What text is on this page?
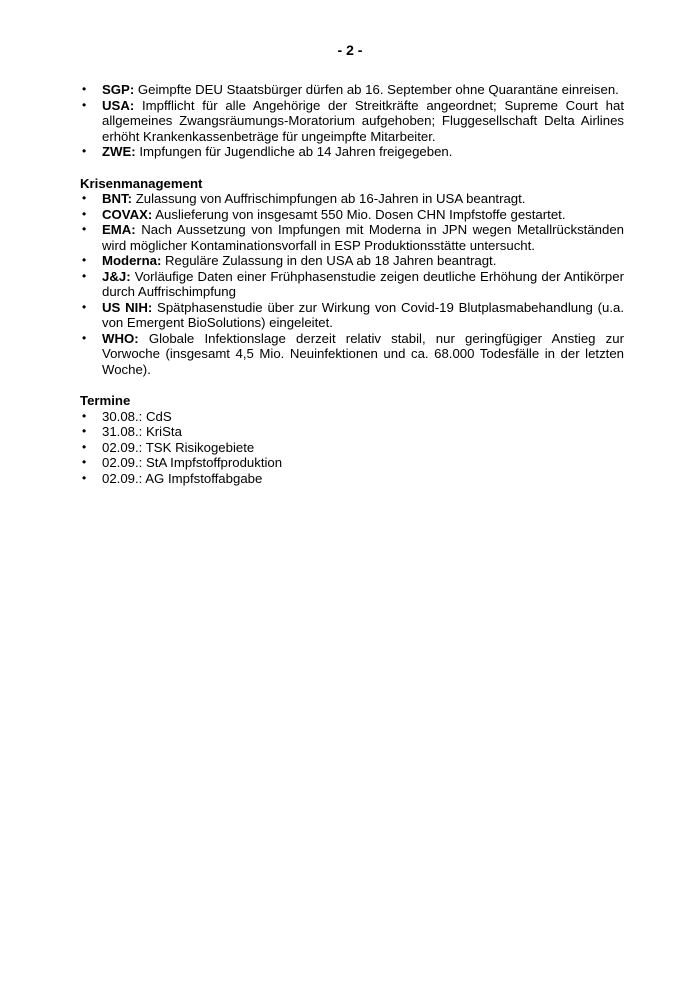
- 2 -
• SGP: Geimpfte DEU Staatsbürger dürfen ab 16. September ohne Quarantäne einreisen.
• USA: Impfflicht für alle Angehörige der Streitkräfte angeordnet; Supreme Court hat allgemeines Zwangsräumungs-Moratorium aufgehoben; Fluggesellschaft Delta Airlines erhöht Krankenkassenbeträge für ungeimpfte Mitarbeiter.
• ZWE: Impfungen für Jugendliche ab 14 Jahren freigegeben.
Krisenmanagement
• BNT: Zulassung von Auffrischimpfungen ab 16-Jahren in USA beantragt.
• COVAX: Auslieferung von insgesamt 550 Mio. Dosen CHN Impfstoffe gestartet.
• EMA: Nach Aussetzung von Impfungen mit Moderna in JPN wegen Metallrückständen wird möglicher Kontaminationsvorfall in ESP Produktionsstätte untersucht.
• Moderna: Reguläre Zulassung in den USA ab 18 Jahren beantragt.
• J&J: Vorläufige Daten einer Frühphasenstudie zeigen deutliche Erhöhung der Antikörper durch Auffrischimpfung
• US NIH: Spätphasenstudie über zur Wirkung von Covid-19 Blutplasmabehandlung (u.a. von Emergent BioSolutions) eingeleitet.
• WHO: Globale Infektionslage derzeit relativ stabil, nur geringfügiger Anstieg zur Vorwoche (insgesamt 4,5 Mio. Neuinfektionen und ca. 68.000 Todesfälle in der letzten Woche).
Termine
• 30.08.: CdS
• 31.08.: KriSta
• 02.09.: TSK Risikogebiete
• 02.09.: StA Impfstoffproduktion
• 02.09.: AG Impfstoffabgabe
